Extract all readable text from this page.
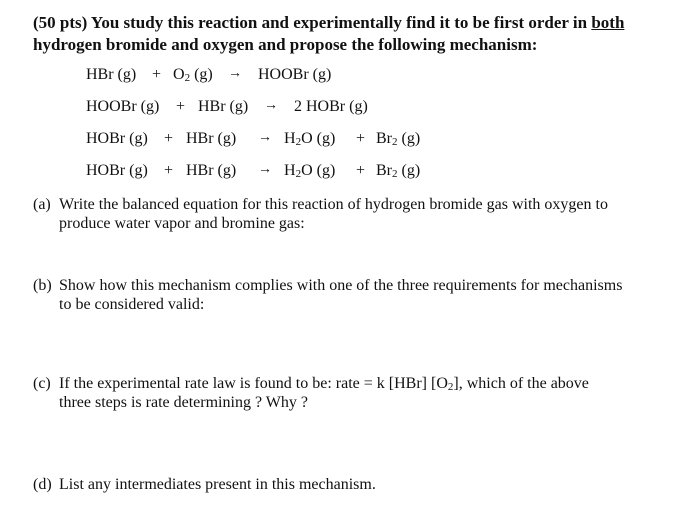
(50 pts) You study this reaction and experimentally find it to be first order in both
hydrogen bromide and oxygen and propose the following mechanism:
HBr $(g) + O_2$ (g) → HOOBr (g)
HOOBr (g) + HBr (g) → 2 HOBr (g)
HOBr (g) + HBr $(g) \to H_2O$ $(g) + Br_2$ (g)
HOBr (g) + HBr $(g) \to H_2O$ $(g) + Br_2$ (g)
(a) Write the balanced equation for this reaction of hydrogen bromide gas with oxygen to
produce water vapor and bromine gas:
(b) Show how this mechanism complies with one of the three requirements for mechanisms
to be considered valid:
(c) If the experimental rate law is found to be: rate = k [HBr] $[O_2]$, which of the above
three steps is rate determining ? Why ?
(d) List any intermediates present in this mechanism.
